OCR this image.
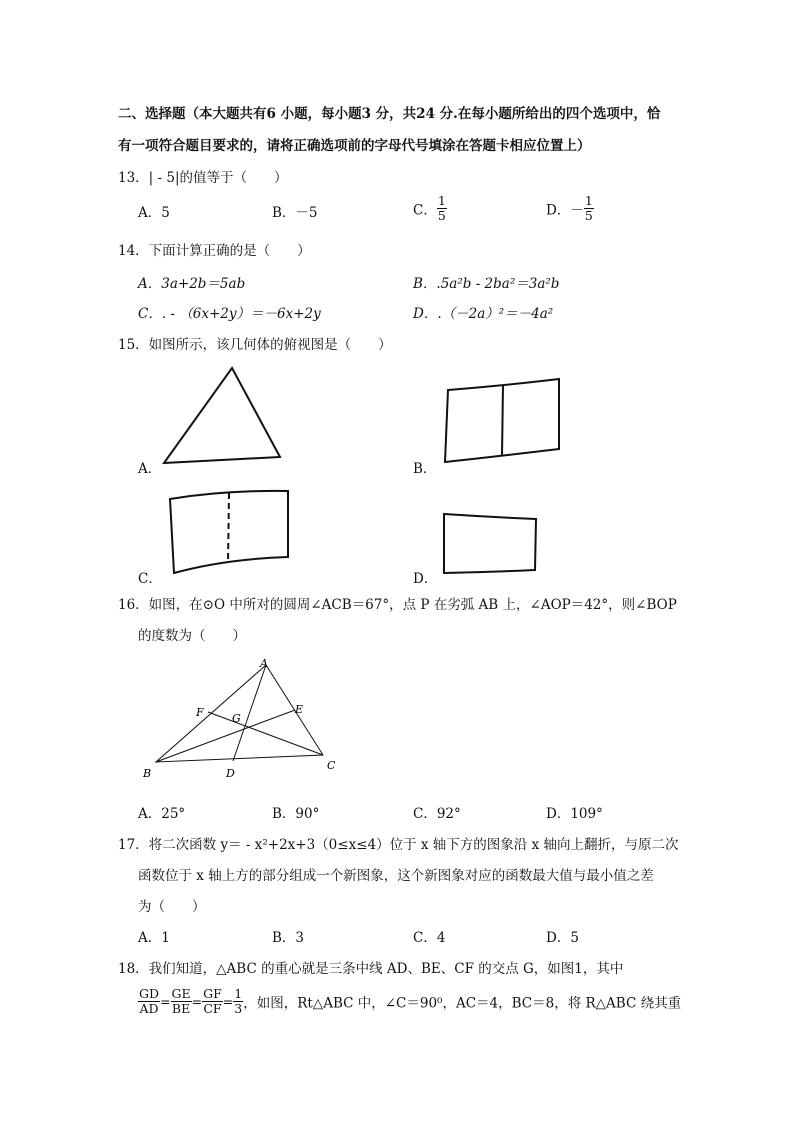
二、选择题（本大题共有6 小题，每小题3 分，共24 分.在每小题所给出的四个选项中，恰
有一项符合题目要求的，请将正确选项前的字母代号填涂在答题卡相应位置上）
13．| - 5|的值等于（　　）
A．5	B．－5	C． $\frac{1}{5}$	D．－ $\frac{1}{5}$
14．下面计算正确的是（　　）
A．3a+2b＝5ab	B．.5a²b - 2ba²＝3a²b
C．. - （6x+2y）＝－6x+2y	D．.（－2a）²＝－4a²
15．如图所示，该几何体的俯视图是（　　）
A．	B．
C．	D．
16．如图，在⊙O 中所对的圆周∠ACB＝67°，点 P 在劣弧 AB 上，∠AOP＝42°，则∠BOP
的度数为（　　）
A
B
C
D
E
F	G
A．25°	B．90°	C．92°	D．109°
17．将二次函数 y＝ - x²+2x+3（0≤x≤4）位于 x 轴下方的图象沿 x 轴向上翻折，与原二次
函数位于 x 轴上方的部分组成一个新图象，这个新图象对应的函数最大值与最小值之差
为（　　）
A．1	B．3	C．4	D．5
18．我们知道，△ABC 的重心就是三条中线 AD、BE、CF 的交点 G，如图1，其中
$\frac{GD}{AD} = \frac{GE}{BE} = \frac{GF}{CF} = \frac{1}{3}$ ，如图，Rt△ABC 中，∠C＝90⁰，AC＝4，BC＝8，将 R△ABC 绕其重
